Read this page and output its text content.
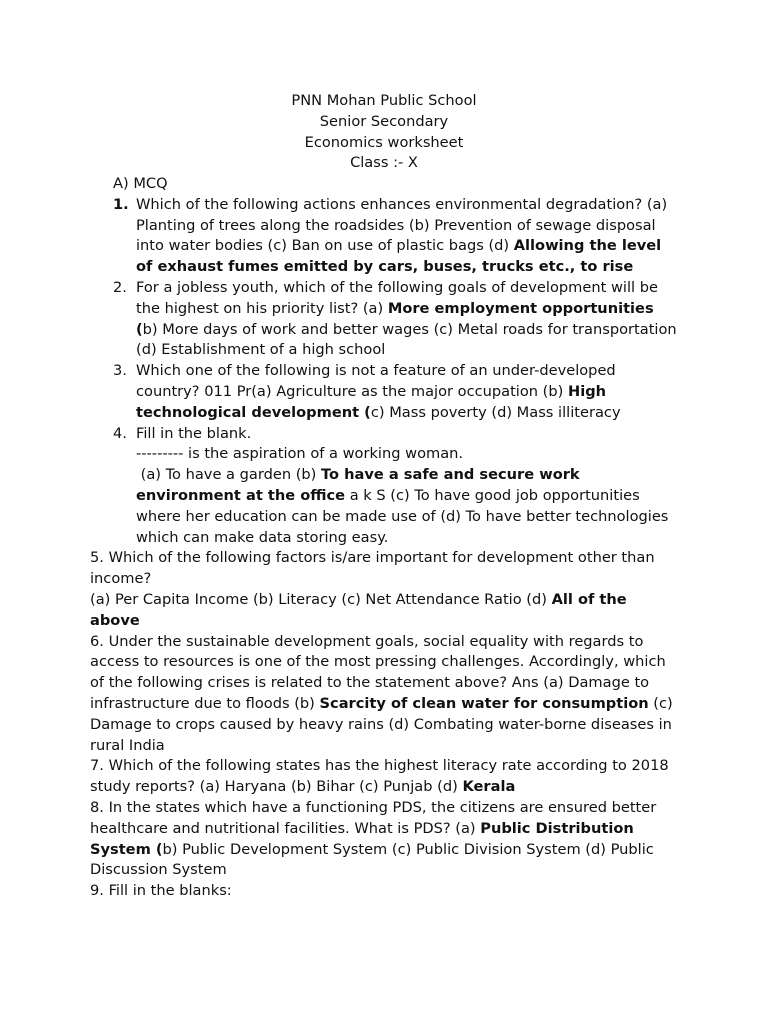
PNN Mohan Public School
Senior Secondary
Economics worksheet
Class :- X
A) MCQ
1. Which of the following actions enhances environmental degradation? (a) Planting of trees along the roadsides (b) Prevention of sewage disposal into water bodies (c) Ban on use of plastic bags (d) Allowing the level of exhaust fumes emitted by cars, buses, trucks etc., to rise
2. For a jobless youth, which of the following goals of development will be the highest on his priority list? (a) More employment opportunities (b) More days of work and better wages (c) Metal roads for transportation (d) Establishment of a high school
3. Which one of the following is not a feature of an under-developed country? 011 Pr(a) Agriculture as the major occupation (b) High technological development (c) Mass poverty (d) Mass illiteracy
4. Fill in the blank.
--------- is the aspiration of a working woman.
(a) To have a garden (b) To have a safe and secure work environment at the office a k S (c) To have good job opportunities where her education can be made use of (d) To have better technologies which can make data storing easy.
5. Which of the following factors is/are important for development other than income?
(a) Per Capita Income (b) Literacy (c) Net Attendance Ratio (d) All of the above
6. Under the sustainable development goals, social equality with regards to access to resources is one of the most pressing challenges. Accordingly, which of the following crises is related to the statement above? Ans (a) Damage to infrastructure due to floods (b) Scarcity of clean water for consumption (c) Damage to crops caused by heavy rains (d) Combating water-borne diseases in rural India
7. Which of the following states has the highest literacy rate according to 2018 study reports? (a) Haryana (b) Bihar (c) Punjab (d) Kerala
8. In the states which have a functioning PDS, the citizens are ensured better healthcare and nutritional facilities. What is PDS? (a) Public Distribution System (b) Public Development System (c) Public Division System (d) Public Discussion System
9. Fill in the blanks:
